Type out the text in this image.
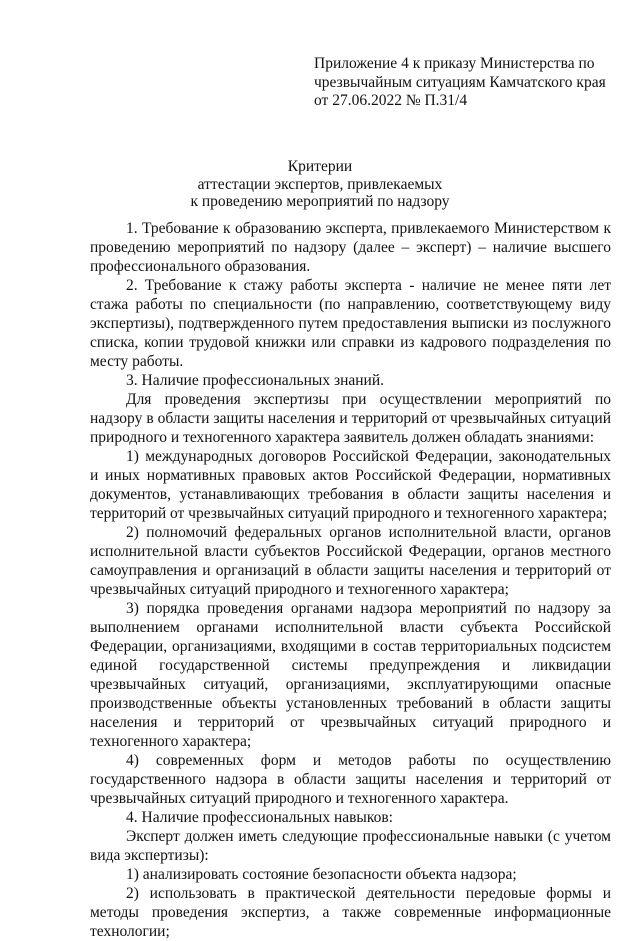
Приложение 4 к приказу Министерства по
чрезвычайным ситуациям Камчатского края
от 27.06.2022 № П.31/4
Критерии
аттестации экспертов, привлекаемых
к проведению мероприятий по надзору

1. Требование к образованию эксперта, привлекаемого Министерством к проведению мероприятий по надзору (далее – эксперт) – наличие высшего профессионального образования.

2. Требование к стажу работы эксперта - наличие не менее пяти лет стажа работы по специальности (по направлению, соответствующему виду экспертизы), подтвержденного путем предоставления выписки из послужного списка, копии трудовой книжки или справки из кадрового подразделения по месту работы.

3. Наличие профессиональных знаний.

Для проведения экспертизы при осуществлении мероприятий по надзору в области защиты населения и территорий от чрезвычайных ситуаций природного и техногенного характера заявитель должен обладать знаниями:

1) международных договоров Российской Федерации, законодательных и иных нормативных правовых актов Российской Федерации, нормативных документов, устанавливающих требования в области защиты населения и территорий от чрезвычайных ситуаций природного и техногенного характера;

2) полномочий федеральных органов исполнительной власти, органов исполнительной власти субъектов Российской Федерации, органов местного самоуправления и организаций в области защиты населения и территорий от чрезвычайных ситуаций природного и техногенного характера;

3) порядка проведения органами надзора мероприятий по надзору за выполнением органами исполнительной власти субъекта Российской Федерации, организациями, входящими в состав территориальных подсистем единой государственной системы предупреждения и ликвидации чрезвычайных ситуаций, организациями, эксплуатирующими опасные производственные объекты установленных требований в области защиты населения и территорий от чрезвычайных ситуаций природного и техногенного характера;

4) современных форм и методов работы по осуществлению государственного надзора в области защиты населения и территорий от чрезвычайных ситуаций природного и техногенного характера.

4. Наличие профессиональных навыков:

Эксперт должен иметь следующие профессиональные навыки (с учетом вида экспертизы):

1) анализировать состояние безопасности объекта надзора;

2) использовать в практической деятельности передовые формы и методы проведения экспертиз, а также современные информационные технологии;
